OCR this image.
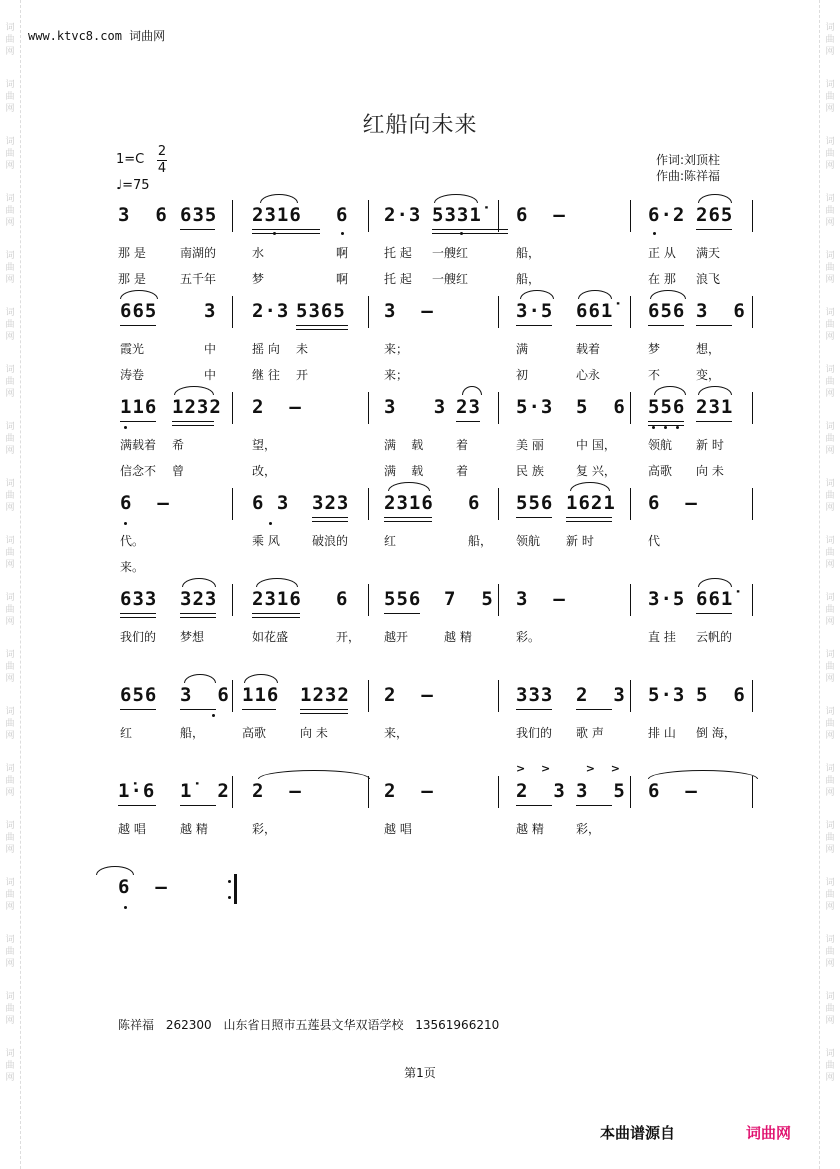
词
曲
网
词
曲
网
词
曲
网
词
曲
网
词
曲
网
词
曲
网
词
曲
网
词
曲
网
词
曲
网
词
曲
网
词
曲
网
词
曲
网
词
曲
网
词
曲
网
词
曲
网
词
曲
网
词
曲
网
词
曲
网
词
曲
网
词
曲
网
词
曲
网
词
曲
网
词
曲
网
词
曲
网
词
曲
网
词
曲
网
词
曲
网
词
曲
网
词
曲
网
词
曲
网
词
曲
网
词
曲
网
词
曲
网
词
曲
网
词
曲
网
词
曲
网
词
曲
网
词
曲
网
www.ktvc8.com 词曲网
红船向未来
1=C
2
4
♩=75
作词:刘顶柱
作曲:陈祥福
3  6 635 2316 6 2·3 5331̇ 6  –	6·2 265
那 是	南湖的	水	啊	托 起 一艘红	船，	正 从 满天
那 是	五千年	梦	啊	托 起 一艘红	船，	在 那 浪飞
665 3 2·3 5365 3  –	3·5 661̇ 656 3  6
霞光	中	摇 向 未	来；	满	载着	梦	想，
涛卷	中	继 往 开	来；	初	心永	不	变，
116 1232 2  –	3   3 23 5·3 5  6 556 231
满载着 希	望，	满    载	着	美 丽	中 国，	领航 新 时
信念不 曾	改，	满    载	着	民 族	复 兴，	高歌 向 未
6  –	6 3 323 2316 6 556 1621 6  –
代。	乘 风	破浪的	红	船， 领航 新 时	代
来。
633 323 2316 6 556 7  5 3  –	3·5 661̇
我们的 梦想	如花盛	开， 越开	越 精	彩。	直 挂 云帆的
656 3  6 116 1232 2  –	333 2  3 5·3 5  6
红	船，	高歌	向 未	来，	我们的 歌 声	排 山 倒 海，
1̇·6 1̇  2 2  –	2  –	2  3 3  5 6  –
> >   > >
越 唱	越 精	彩，	越 唱	越 精	彩，
6  –
陈祥福 262300 山东省日照市五莲县文华双语学校 13561966210
第1页
本曲谱源自	词曲网
